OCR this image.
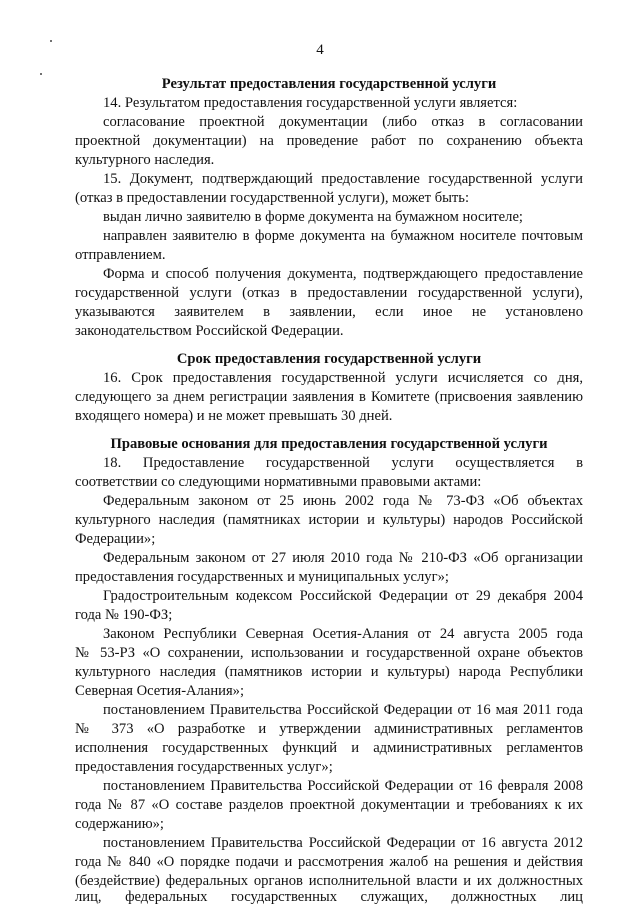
4
Результат предоставления государственной услуги
14. Результатом предоставления государственной услуги является:
согласование проектной документации (либо отказ в согласовании
проектной документации) на проведение работ по сохранению объекта
культурного наследия.
15. Документ, подтверждающий предоставление государственной услуги
(отказ в предоставлении государственной услуги), может быть:
выдан лично заявителю в форме документа на бумажном носителе;
направлен заявителю в форме документа на бумажном носителе почтовым
отправлением.
Форма и способ получения документа, подтверждающего предоставление
государственной услуги (отказ в предоставлении государственной услуги),
указываются заявителем в заявлении, если иное не установлено
законодательством Российской Федерации.
Срок предоставления государственной услуги
16. Срок предоставления государственной услуги исчисляется со дня,
следующего за днем регистрации заявления в Комитете (присвоения заявлению
входящего номера) и не может превышать 30 дней.
Правовые основания для предоставления государственной услуги
18. Предоставление государственной услуги осуществляется в
соответствии со следующими нормативными правовыми актами:
Федеральным законом от 25 июнь 2002 года № 73-ФЗ «Об объектах
культурного наследия (памятниках истории и культуры) народов Российской
Федерации»;
Федеральным законом от 27 июля 2010 года № 210-ФЗ «Об организации
предоставления государственных и муниципальных услуг»;
Градостроительным кодексом Российской Федерации от 29 декабря 2004
года № 190-ФЗ;
Законом Республики Северная Осетия-Алания от 24 августа 2005 года
№ 53-РЗ «О сохранении, использовании и государственной охране объектов
культурного наследия (памятников истории и культуры) народа Республики
Северная Осетия-Алания»;
постановлением Правительства Российской Федерации от 16 мая 2011 года
№ 373 «О разработке и утверждении административных регламентов
исполнения государственных функций и административных регламентов
предоставления государственных услуг»;
постановлением Правительства Российской Федерации от 16 февраля 2008
года № 87 «О составе разделов проектной документации и требованиях к их
содержанию»;
постановлением Правительства Российской Федерации от 16 августа 2012
года № 840 «О порядке подачи и рассмотрения жалоб на решения и действия
(бездействие) федеральных органов исполнительной власти и их должностных
лиц, федеральных государственных служащих, должностных лиц
